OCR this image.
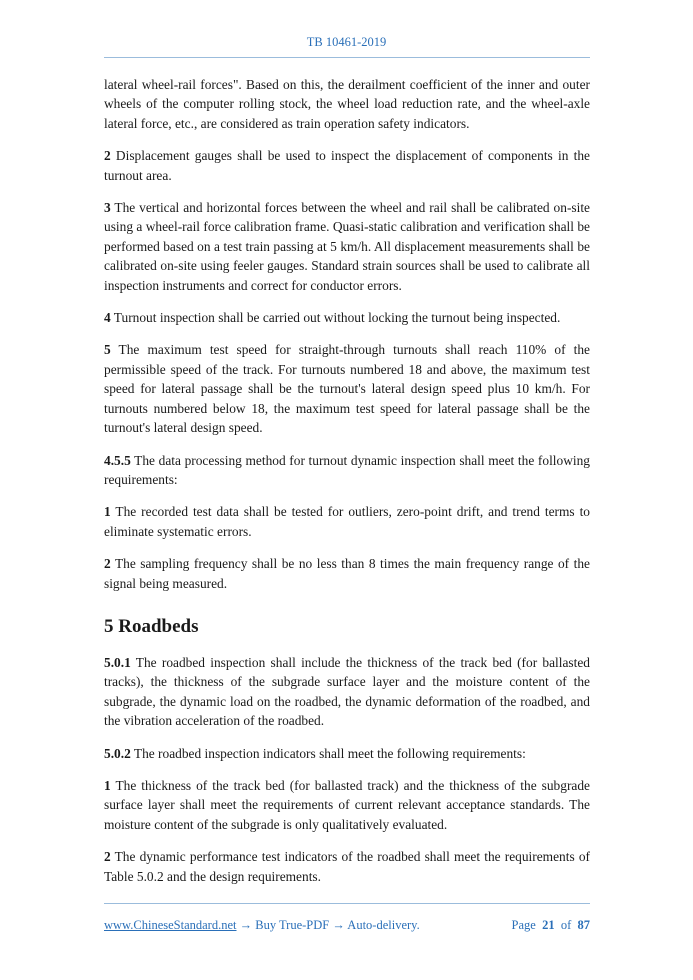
TB 10461-2019

lateral wheel-rail forces". Based on this, the derailment coefficient of the inner and outer wheels of the computer rolling stock, the wheel load reduction rate, and the wheel-axle lateral force, etc., are considered as train operation safety indicators.

2 Displacement gauges shall be used to inspect the displacement of components in the turnout area.

3 The vertical and horizontal forces between the wheel and rail shall be calibrated on-site using a wheel-rail force calibration frame. Quasi-static calibration and verification shall be performed based on a test train passing at 5 km/h. All displacement measurements shall be calibrated on-site using feeler gauges. Standard strain sources shall be used to calibrate all inspection instruments and correct for conductor errors.

4 Turnout inspection shall be carried out without locking the turnout being inspected.

5 The maximum test speed for straight-through turnouts shall reach 110% of the permissible speed of the track. For turnouts numbered 18 and above, the maximum test speed for lateral passage shall be the turnout's lateral design speed plus 10 km/h. For turnouts numbered below 18, the maximum test speed for lateral passage shall be the turnout's lateral design speed.

4.5.5 The data processing method for turnout dynamic inspection shall meet the following requirements:

1 The recorded test data shall be tested for outliers, zero-point drift, and trend terms to eliminate systematic errors.

2 The sampling frequency shall be no less than 8 times the main frequency range of the signal being measured.

5 Roadbeds

5.0.1 The roadbed inspection shall include the thickness of the track bed (for ballasted tracks), the thickness of the subgrade surface layer and the moisture content of the subgrade, the dynamic load on the roadbed, the dynamic deformation of the roadbed, and the vibration acceleration of the roadbed.

5.0.2 The roadbed inspection indicators shall meet the following requirements:

1 The thickness of the track bed (for ballasted track) and the thickness of the subgrade surface layer shall meet the requirements of current relevant acceptance standards. The moisture content of the subgrade is only qualitatively evaluated.

2 The dynamic performance test indicators of the roadbed shall meet the requirements of Table 5.0.2 and the design requirements.

www.ChineseStandard.net → Buy True-PDF → Auto-delivery.	Page 21 of 87
